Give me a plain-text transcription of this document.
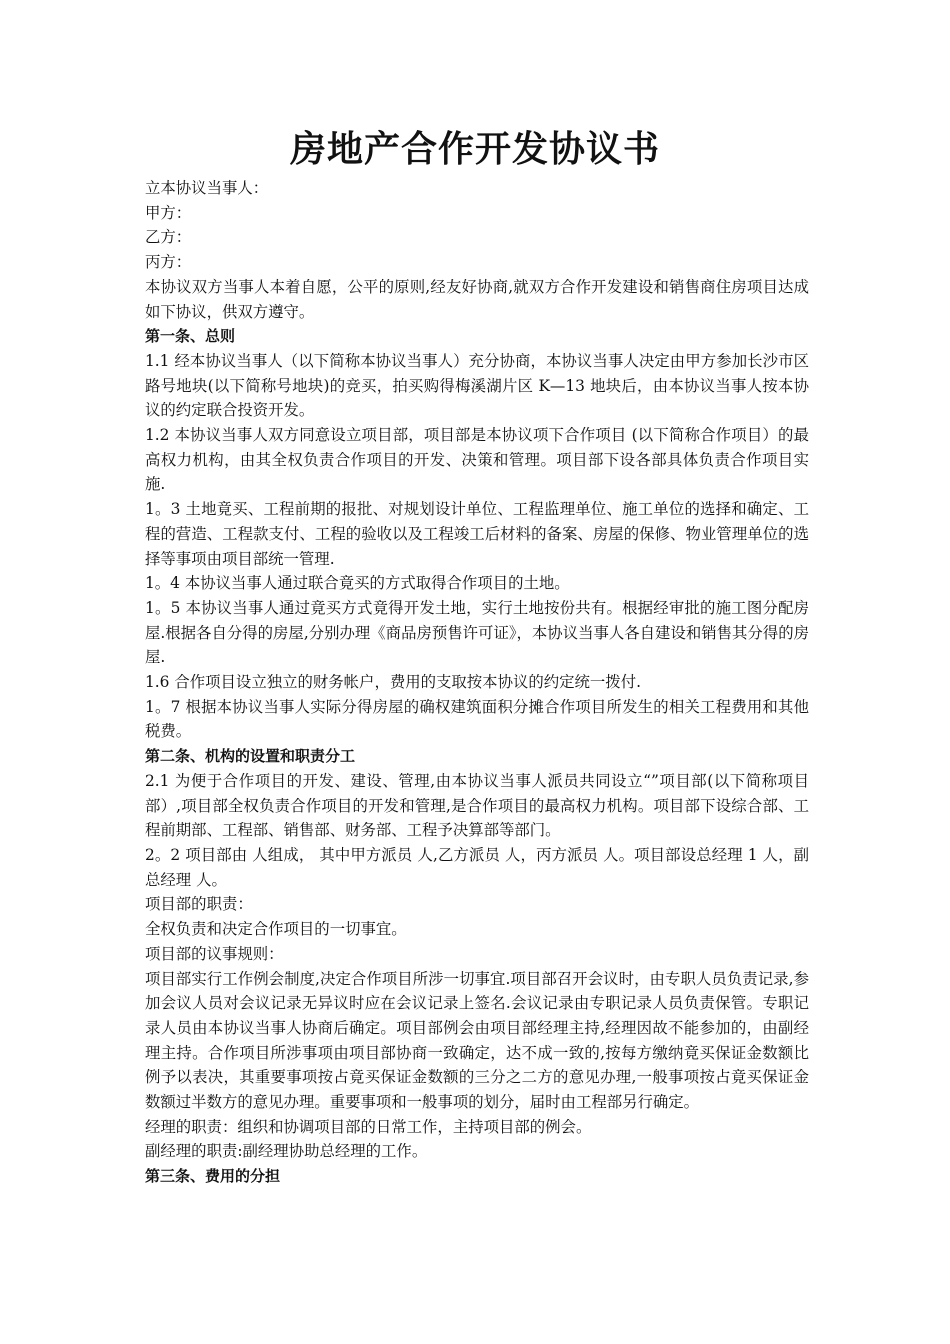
房地产合作开发协议书

立本协议当事人：

甲方：

乙方：

丙方：

本协议双方当事人本着自愿，公平的原则,经友好协商,就双方合作开发建设和销售商住房项目达成如下协议，供双方遵守。

第一条、总则

1.1 经本协议当事人（以下简称本协议当事人）充分协商，本协议当事人决定由甲方参加长沙市区路号地块(以下简称号地块)的竞买，拍买购得梅溪湖片区 K—13 地块后，由本协议当事人按本协议的约定联合投资开发。

1.2 本协议当事人双方同意设立项目部，项目部是本协议项下合作项目 (以下简称合作项目）的最高权力机构，由其全权负责合作项目的开发、决策和管理。项目部下设各部具体负责合作项目实施.

1。3 土地竟买、工程前期的报批、对规划设计单位、工程监理单位、施工单位的选择和确定、工程的营造、工程款支付、工程的验收以及工程竣工后材料的备案、房屋的保修、物业管理单位的选择等事项由项目部统一管理.

1。4 本协议当事人通过联合竟买的方式取得合作项目的土地。

1。5 本协议当事人通过竟买方式竟得开发土地，实行土地按份共有。根据经审批的施工图分配房屋.根据各自分得的房屋,分别办理《商品房预售许可证》，本协议当事人各自建设和销售其分得的房屋.

1.6 合作项目设立独立的财务帐户，费用的支取按本协议的约定统一拨付.

1。7 根据本协议当事人实际分得房屋的确权建筑面积分摊合作项目所发生的相关工程费用和其他税费。

第二条、机构的设置和职责分工

2.1 为便于合作项目的开发、建设、管理,由本协议当事人派员共同设立“”项目部(以下简称项目部）,项目部全权负责合作项目的开发和管理,是合作项目的最高权力机构。项目部下设综合部、工程前期部、工程部、销售部、财务部、工程予决算部等部门。

2。2 项目部由 人组成， 其中甲方派员 人,乙方派员 人，丙方派员 人。项目部设总经理 1 人，副总经理 人。

项目部的职责：

全权负责和决定合作项目的一切事宜。

项目部的议事规则：

项目部实行工作例会制度,决定合作项目所涉一切事宜.项目部召开会议时，由专职人员负责记录,参加会议人员对会议记录无异议时应在会议记录上签名.会议记录由专职记录人员负责保管。专职记录人员由本协议当事人协商后确定。项目部例会由项目部经理主持,经理因故不能参加的，由副经理主持。合作项目所涉事项由项目部协商一致确定，达不成一致的,按每方缴纳竟买保证金数额比例予以表决，其重要事项按占竟买保证金数额的三分之二方的意见办理,一般事项按占竟买保证金数额过半数方的意见办理。重要事项和一般事项的划分，届时由工程部另行确定。

经理的职责：组织和协调项目部的日常工作，主持项目部的例会。

副经理的职责:副经理协助总经理的工作。

第三条、费用的分担
